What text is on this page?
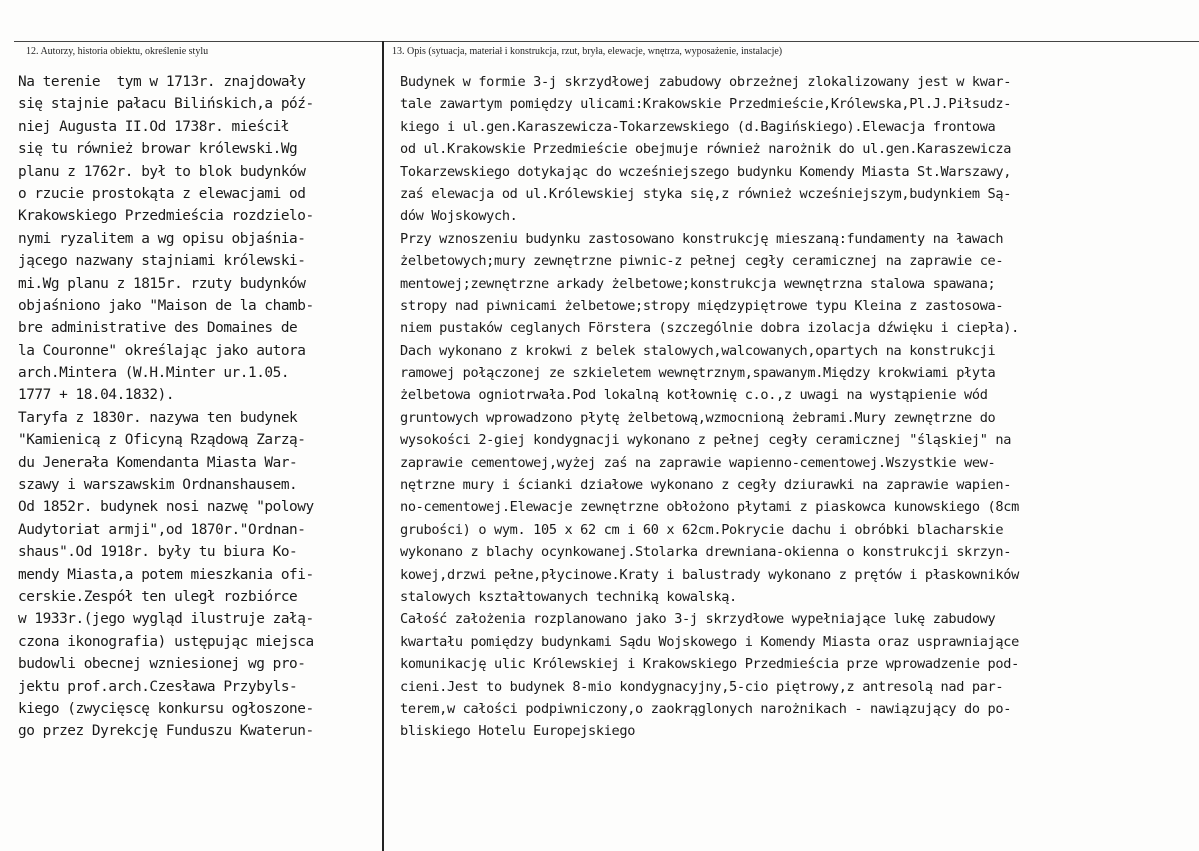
12. Autorzy, historia obiektu, określenie stylu	13. Opis (sytuacja, materiał i konstrukcja, rzut, bryła, elewacje, wnętrza, wyposażenie, instalacje)
Na terenie  tym w 1713r. znajdowały
się stajnie pałacu Bilińskich,a póź-
niej Augusta II.Od 1738r. mieścił
się tu również browar królewski.Wg
planu z 1762r. był to blok budynków
o rzucie prostokąta z elewacjami od
Krakowskiego Przedmieścia rozdzielo-
nymi ryzalitem a wg opisu objaśnia-
jącego nazwany stajniami królewski-
mi.Wg planu z 1815r. rzuty budynków
objaśniono jako "Maison de la chamb-
bre administrative des Domaines de
la Couronne" określając jako autora
arch.Mintera (W.H.Minter ur.1.05.
1777 + 18.04.1832).
Taryfa z 1830r. nazywa ten budynek
"Kamienicą z Oficyną Rządową Zarzą-
du Jenerała Komendanta Miasta War-
szawy i warszawskim Ordnanshausem.
Od 1852r. budynek nosi nazwę "polowy
Audytoriat armji",od 1870r."Ordnan-
shaus".Od 1918r. były tu biura Ko-
mendy Miasta,a potem mieszkania ofi-
cerskie.Zespół ten uległ rozbiórce
w 1933r.(jego wygląd ilustruje załą-
czona ikonografia) ustępując miejsca
budowli obecnej wzniesionej wg pro-
jektu prof.arch.Czesława Przybyls-
kiego (zwycięscę konkursu ogłoszone-
go przez Dyrekcję Funduszu Kwaterun-
Budynek w formie 3-j skrzydłowej zabudowy obrzeżnej zlokalizowany jest w kwar-
tale zawartym pomiędzy ulicami:Krakowskie Przedmieście,Królewska,Pl.J.Piłsudz-
kiego i ul.gen.Karaszewicza-Tokarzewskiego (d.Bagińskiego).Elewacja frontowa
od ul.Krakowskie Przedmieście obejmuje również narożnik do ul.gen.Karaszewicza
Tokarzewskiego dotykając do wcześniejszego budynku Komendy Miasta St.Warszawy,
zaś elewacja od ul.Królewskiej styka się,z również wcześniejszym,budynkiem Są-
dów Wojskowych.
Przy wznoszeniu budynku zastosowano konstrukcję mieszaną:fundamenty na ławach
żelbetowych;mury zewnętrzne piwnic-z pełnej cegły ceramicznej na zaprawie ce-
mentowej;zewnętrzne arkady żelbetowe;konstrukcja wewnętrzna stalowa spawana;
stropy nad piwnicami żelbetowe;stropy międzypiętrowe typu Kleina z zastosowa-
niem pustaków ceglanych Förstera (szczególnie dobra izolacja dźwięku i ciepła).
Dach wykonano z krokwi z belek stalowych,walcowanych,opartych na konstrukcji
ramowej połączonej ze szkieletem wewnętrznym,spawanym.Między krokwiami płyta
żelbetowa ogniotrwała.Pod lokalną kotłownię c.o.,z uwagi na wystąpienie wód
gruntowych wprowadzono płytę żelbetową,wzmocnioną żebrami.Mury zewnętrzne do
wysokości 2-giej kondygnacji wykonano z pełnej cegły ceramicznej "śląskiej" na
zaprawie cementowej,wyżej zaś na zaprawie wapienno-cementowej.Wszystkie wew-
nętrzne mury i ścianki działowe wykonano z cegły dziurawki na zaprawie wapien-
no-cementowej.Elewacje zewnętrzne obłożono płytami z piaskowca kunowskiego (8cm
grubości) o wym. 105 x 62 cm i 60 x 62cm.Pokrycie dachu i obróbki blacharskie
wykonano z blachy ocynkowanej.Stolarka drewniana-okienna o konstrukcji skrzyn-
kowej,drzwi pełne,płycinowe.Kraty i balustrady wykonano z prętów i płaskowników
stalowych kształtowanych techniką kowalską.
Całość założenia rozplanowano jako 3-j skrzydłowe wypełniające lukę zabudowy
kwartału pomiędzy budynkami Sądu Wojskowego i Komendy Miasta oraz usprawniające
komunikację ulic Królewskiej i Krakowskiego Przedmieścia prze wprowadzenie pod-
cieni.Jest to budynek 8-mio kondygnacyjny,5-cio piętrowy,z antresolą nad par-
terem,w całości podpiwniczony,o zaokrąglonych narożnikach - nawiązujący do po-
bliskiego Hotelu Europejskiego
